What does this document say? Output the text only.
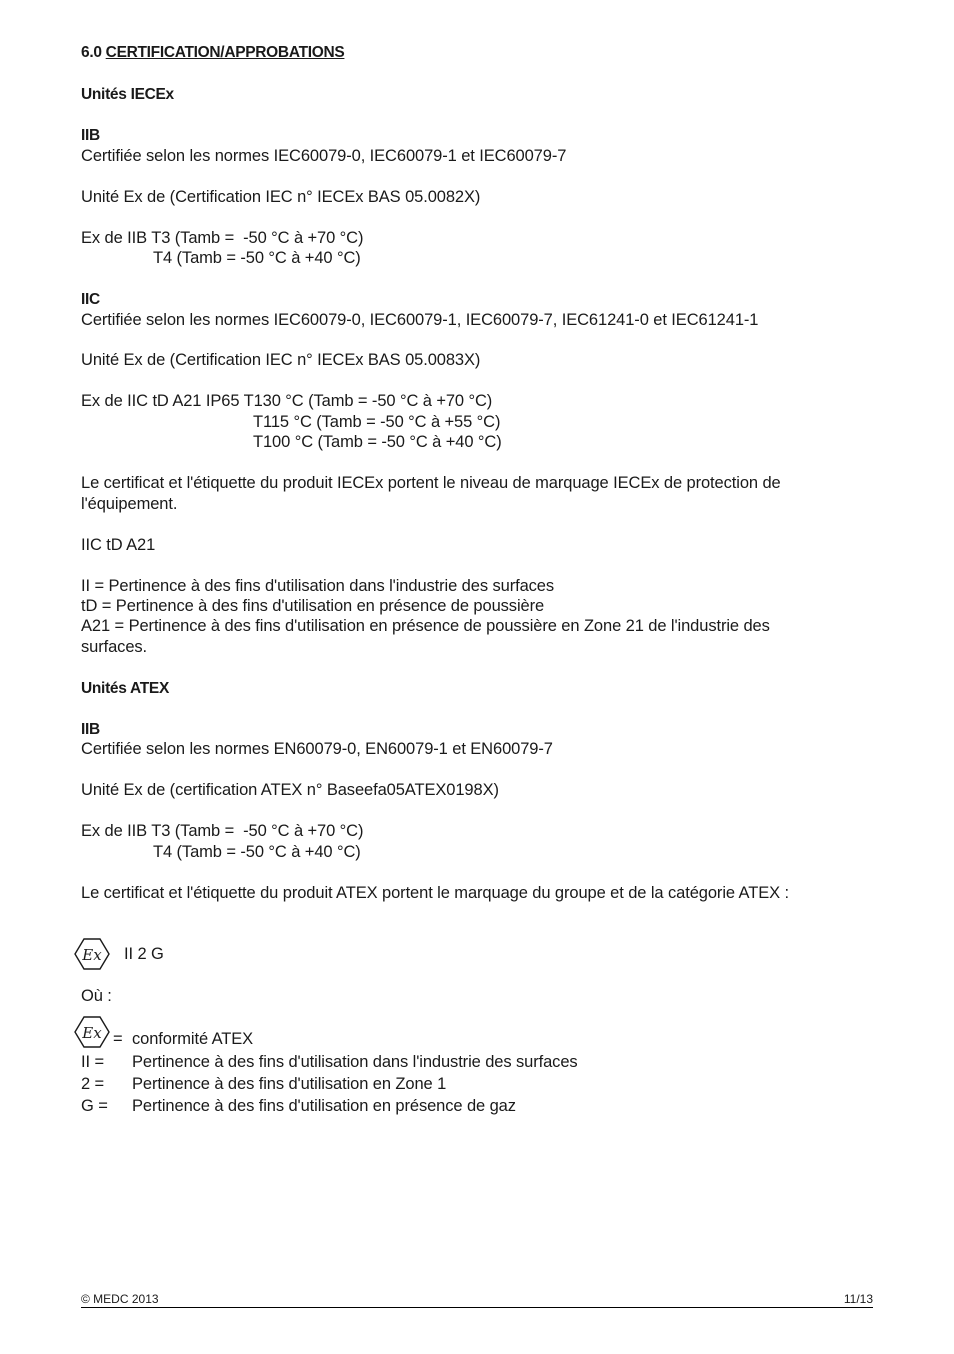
6.0 CERTIFICATION/APPROBATIONS
Unités IECEx
IIB
Certifiée selon les normes IEC60079-0, IEC60079-1 et IEC60079-7
Unité Ex de (Certification IEC n° IECEx BAS 05.0082X)
Ex de IIB T3 (Tamb =  -50 °C à +70 °C)
T4 (Tamb = -50 °C à +40 °C)
IIC
Certifiée selon les normes IEC60079-0, IEC60079-1, IEC60079-7, IEC61241-0 et IEC61241-1
Unité Ex de (Certification IEC n° IECEx BAS 05.0083X)
Ex de IIC tD A21 IP65 T130 °C (Tamb = -50 °C à +70 °C)
T115 °C (Tamb = -50 °C à +55 °C)
T100 °C (Tamb = -50 °C à +40 °C)
Le certificat et l'étiquette du produit IECEx portent le niveau de marquage IECEx de protection de
l'équipement.
IIC tD A21
II = Pertinence à des fins d'utilisation dans l'industrie des surfaces
tD = Pertinence à des fins d'utilisation en présence de poussière
A21 = Pertinence à des fins d'utilisation en présence de poussière en Zone 21 de l'industrie des
surfaces.
Unités ATEX
IIB
Certifiée selon les normes EN60079-0, EN60079-1 et EN60079-7
Unité Ex de (certification ATEX n° Baseefa05ATEX0198X)
Ex de IIB T3 (Tamb =  -50 °C à +70 °C)
T4 (Tamb = -50 °C à +40 °C)
Le certificat et l'étiquette du produit ATEX portent le marquage du groupe et de la catégorie ATEX :
Ex II 2 G
Où :
Ex = conformité ATEX
II = Pertinence à des fins d'utilisation dans l'industrie des surfaces
2 = Pertinence à des fins d'utilisation en Zone 1
G = Pertinence à des fins d'utilisation en présence de gaz
© MEDC 2013	11/13
